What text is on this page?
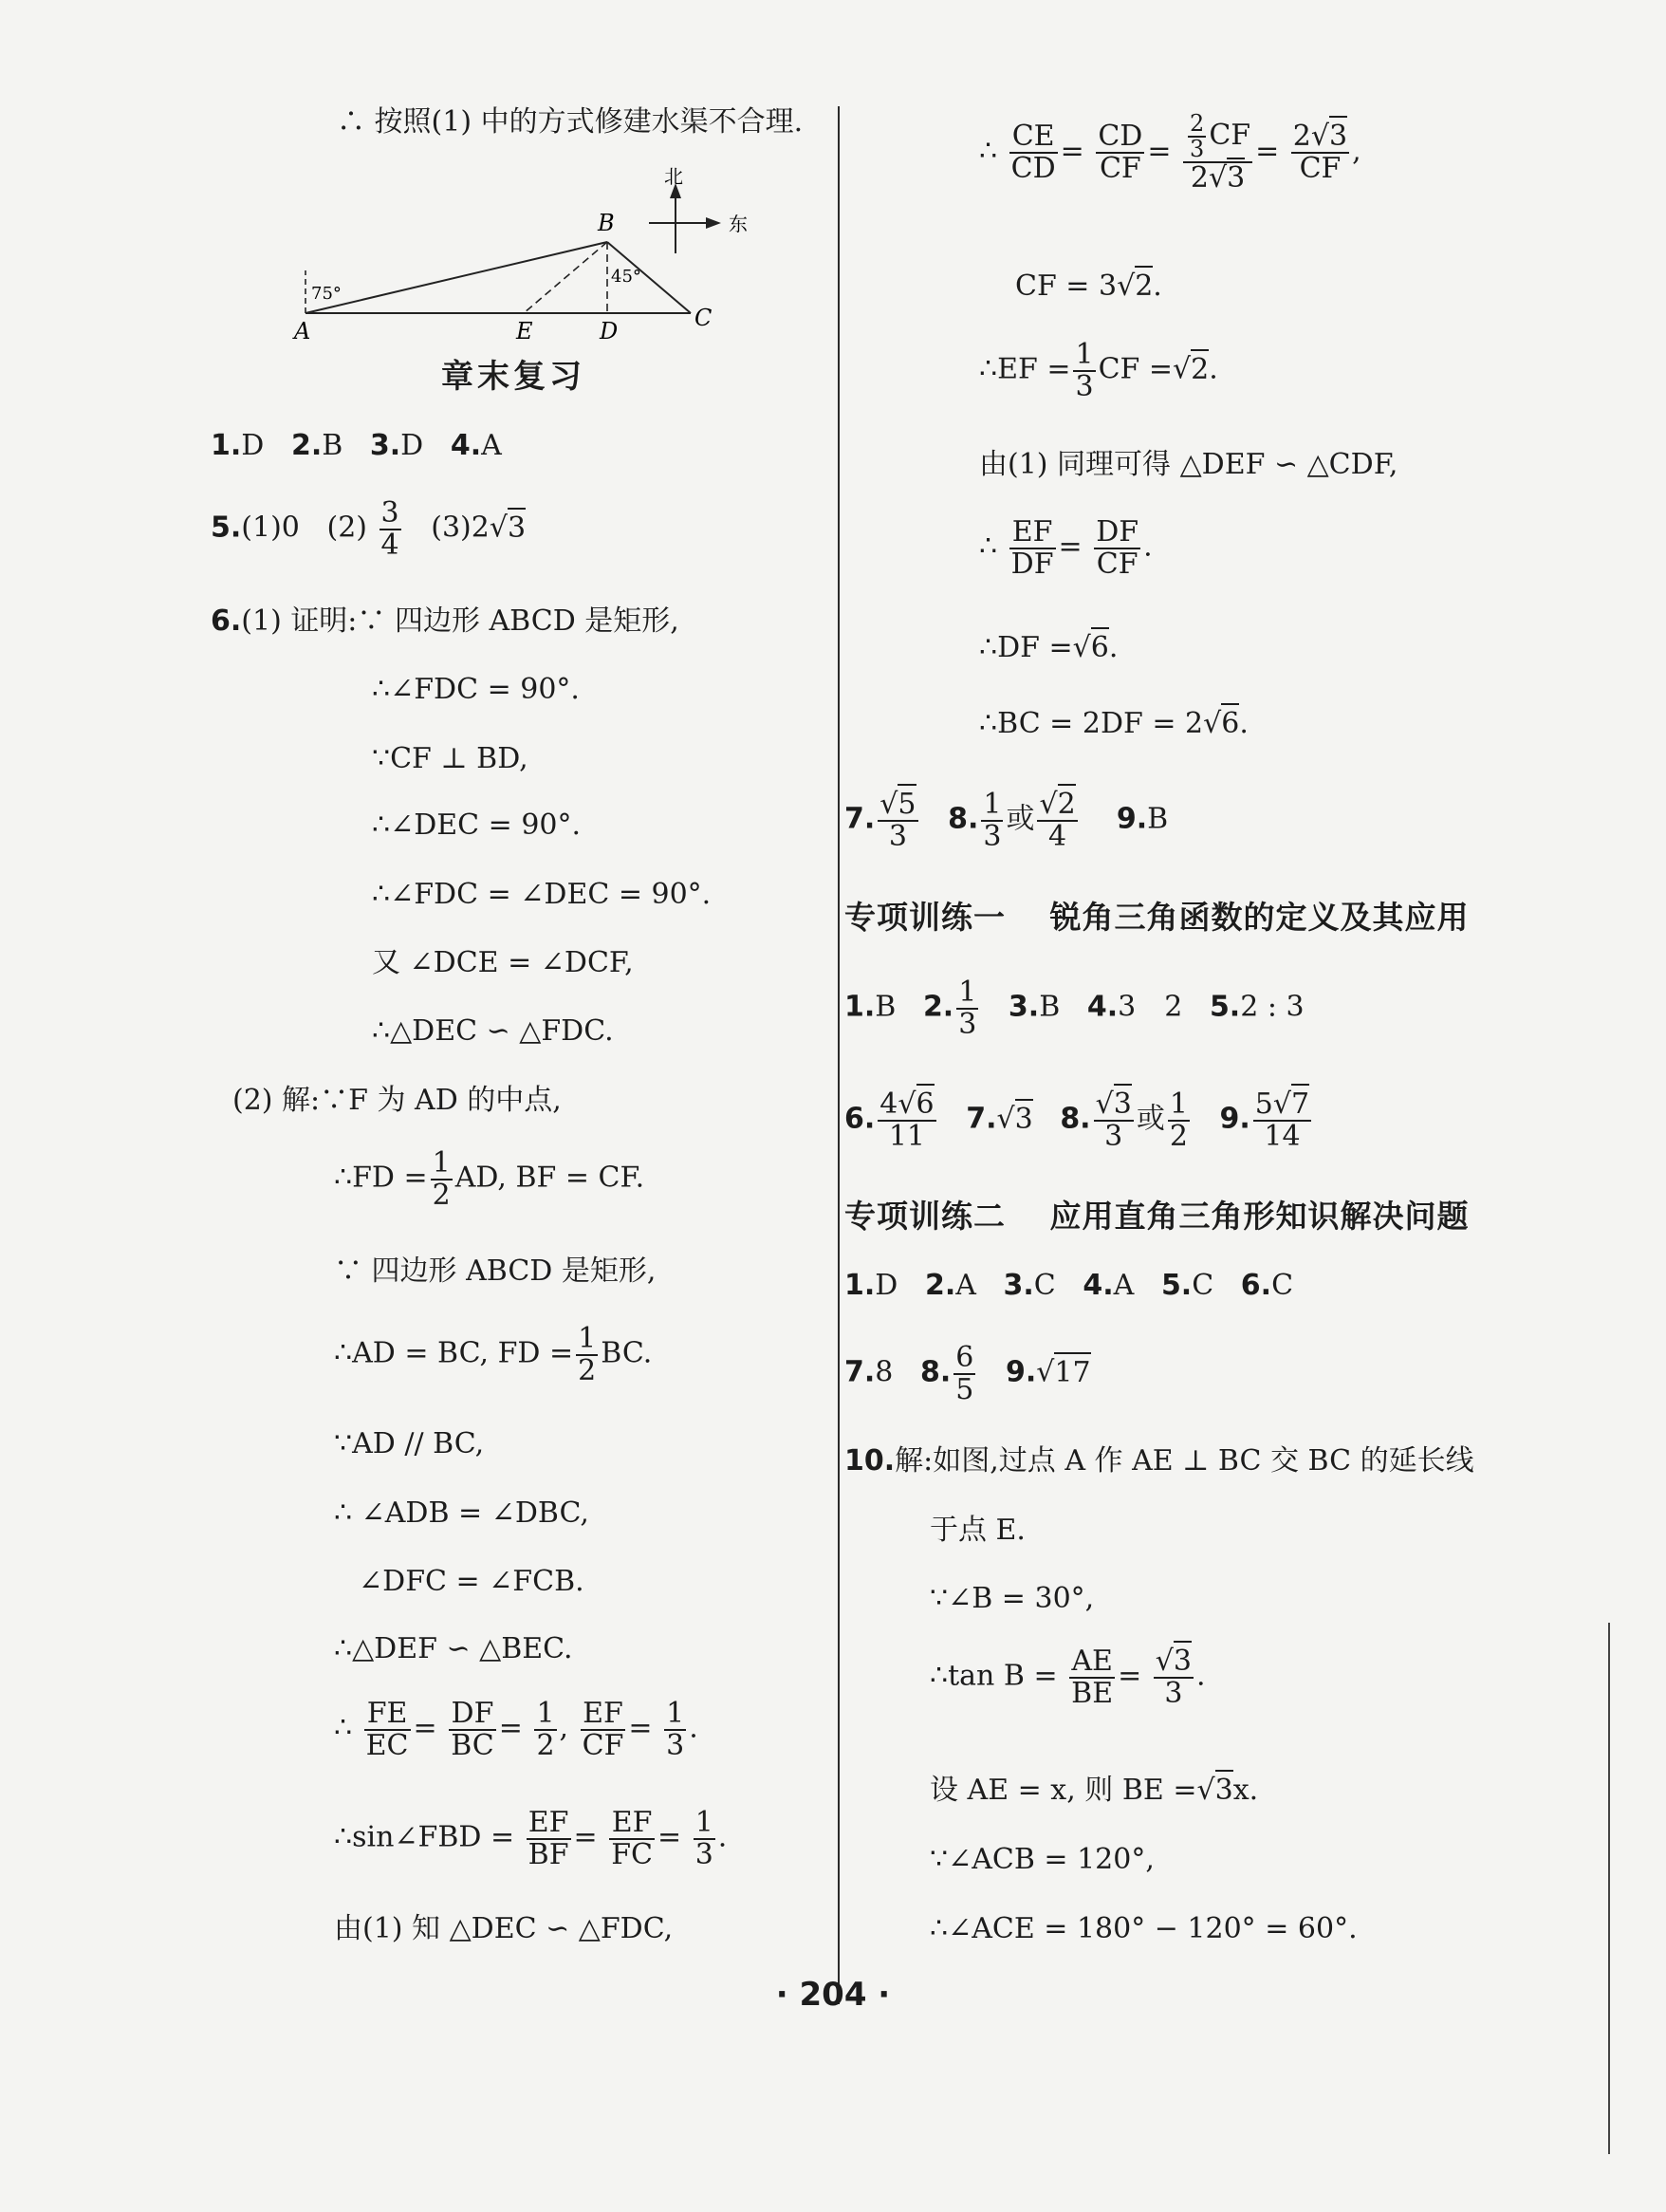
∴ 按照(1) 中的方式修建水渠不合理.
北
东
75°
45°
A
B
C
D
E
章末复习
1.D 2.B 3.D 4.A
5.(1)0 $(2) \frac{3}{4} (3)2√3$
6.(1) 证明:∵ 四边形 ABCD 是矩形,
∴∠FDC = 90°.
∵CF ⊥ BD,
∴∠DEC = 90°.
∴∠FDC = ∠DEC = 90°.
又 ∠DCE = ∠DCF,
∴△DEC ∽ △FDC.
(2) 解:∵F 为 AD 的中点,
∴FD = $\frac{1}{2}$ AD, BF = CF.
∵ 四边形 ABCD 是矩形,
∴AD = BC, FD = $\frac{1}{2}$ BC.
∵AD // BC,
∴ ∠ADB = ∠DBC,
∠DFC = ∠FCB.
∴△DEF ∽ △BEC.
∴ $\frac{FE}{EC} = \frac{DF}{BC} = \frac{1}{2}$ , $\frac{EF}{CF} = \frac{1}{3}$ .
∴sin∠FBD = $\frac{EF}{BF} = \frac{EF}{FC} = \frac{1}{3}$ .
由(1) 知 △DEC ∽ △FDC,
∴ $\frac{CE}{CD} = \frac{CD}{CF} = \frac{\frac{2}{3} CF}{2√3} = \frac{2√3}{CF}$ ,
CF = 3√2.
∴EF = $\frac{1}{3}$ CF =√2.
由(1) 同理可得 △DEF ∽ △CDF,
∴ $\frac{EF}{DF} = \frac{DF}{CF}$ .
∴DF =√6.
∴BC = 2DF = 2√6.
7. $\frac{√5}{3} 8$. $\frac{1}{3}$ 或 $\frac{√2}{4} 9.B$
专项训练一　 锐角三角函数的定义及其应用
1.B 2. $\frac{1}{3} 3.B$ 4.3　2 5.2 : 3
6. $\frac{4√6}{11} 7.√3$ 8. $\frac{√3}{3}$ 或 $\frac{1}{2} 9$. $\frac{5√7}{14}$
专项训练二　 应用直角三角形知识解决问题
1.D 2.A 3.C 4.A 5.C 6.C
7.8 8. $\frac{6}{5} 9.√17$
10.解:如图,过点 A 作 AE ⊥ BC 交 BC 的延长线
于点 E.
∵∠B = 30°,
∴tan $B = \frac{AE}{BE} = \frac{√3}{3}$ .
设 AE = x, 则 BE =√3x.
∵∠ACB = 120°,
∴∠ACE = 180° − 120° = 60°.
· 204 ·
